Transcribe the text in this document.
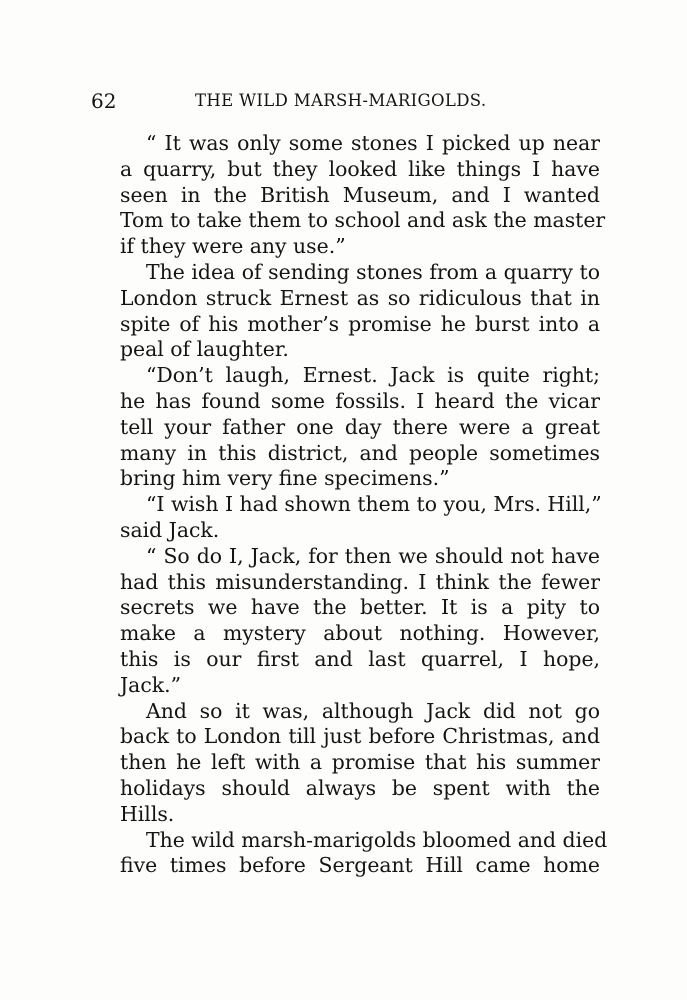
62	THE WILD MARSH-MARIGOLDS.
“ It was only some stones I picked up near
a quarry, but they looked like things I have
seen in the British Museum, and I wanted
Tom to take them to school and ask the master
if they were any use.”
The idea of sending stones from a quarry to
London struck Ernest as so ridiculous that in
spite of his mother’s promise he burst into a
peal of laughter.
“Don’t laugh, Ernest. Jack is quite right;
he has found some fossils. I heard the vicar
tell your father one day there were a great
many in this district, and people sometimes
bring him very fine specimens.”
“I wish I had shown them to you, Mrs. Hill,”
said Jack.
“ So do I, Jack, for then we should not have
had this misunderstanding. I think the fewer
secrets we have the better. It is a pity to
make a mystery about nothing. However,
this is our first and last quarrel, I hope,
Jack.”
And so it was, although Jack did not go
back to London till just before Christmas, and
then he left with a promise that his summer
holidays should always be spent with the
Hills.
The wild marsh-marigolds bloomed and died
five times before Sergeant Hill came home
